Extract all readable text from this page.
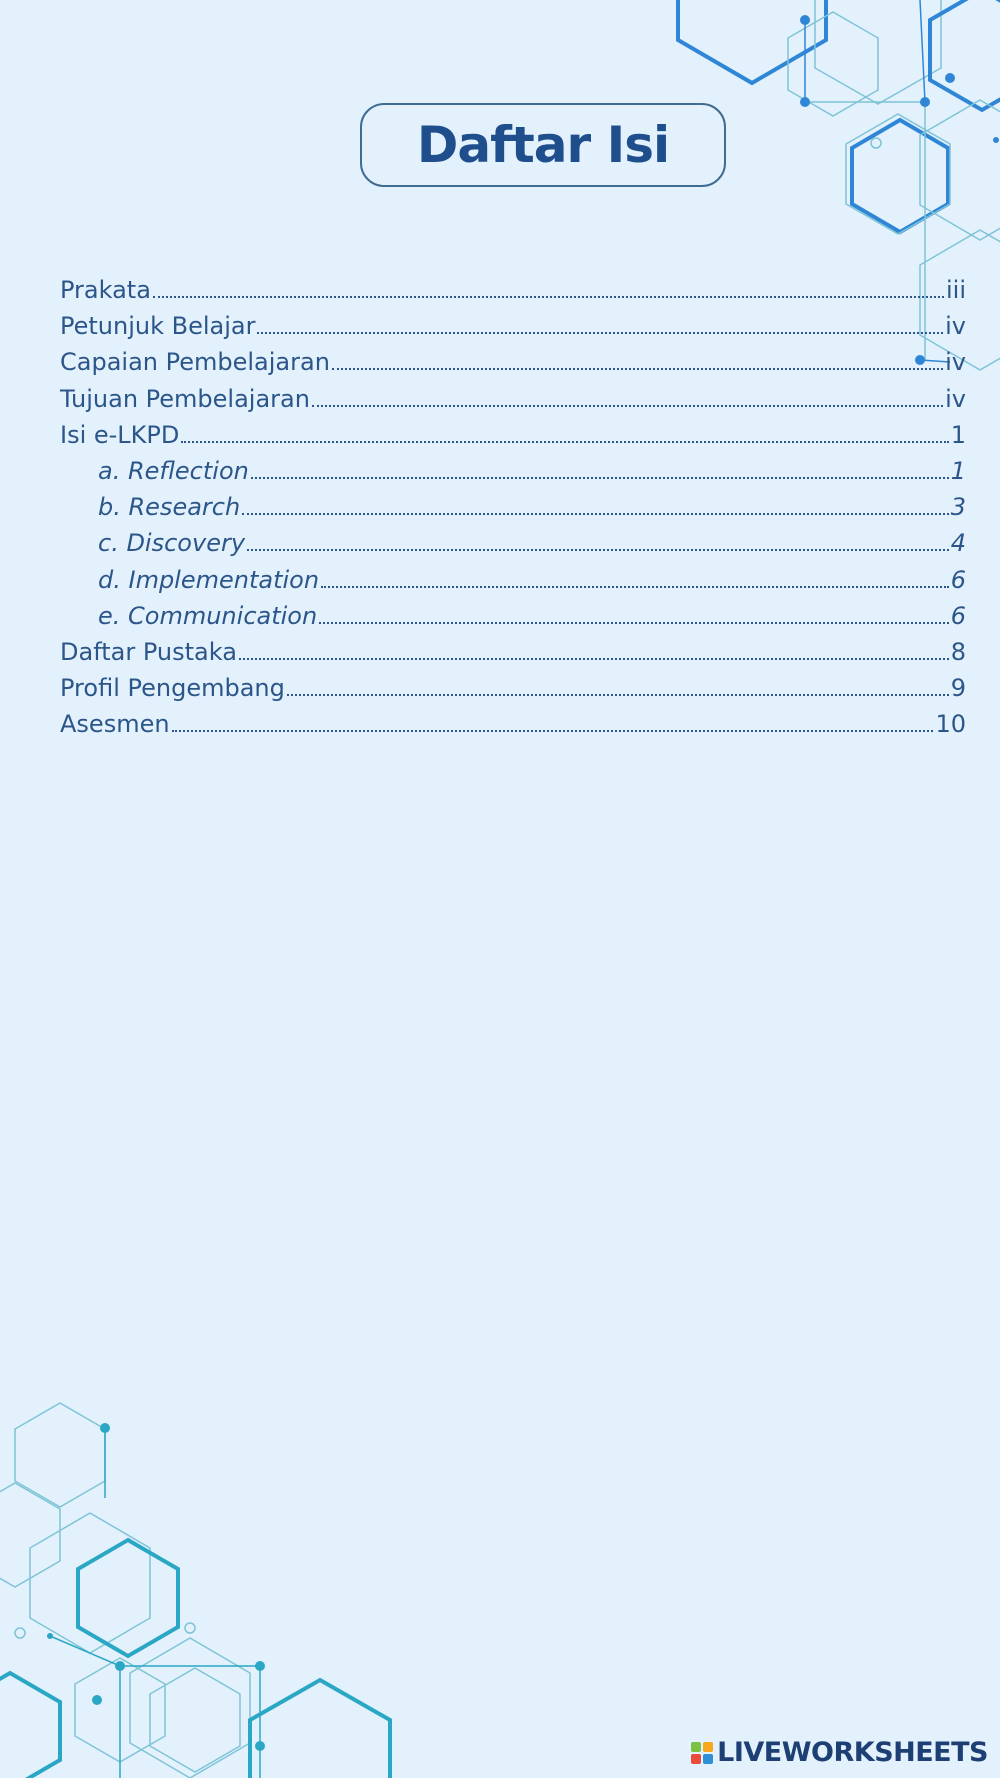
Daftar Isi
Prakata	iii
Petunjuk Belajar	iv
Capaian Pembelajaran	iv
Tujuan Pembelajaran	iv
Isi e-LKPD	1
a. Reflection	1
b. Research	3
c. Discovery	4
d. Implementation	6
e. Communication	6
Daftar Pustaka	8
Profil Pengembang	9
Asesmen	10
LIVEWORKSHEETS
